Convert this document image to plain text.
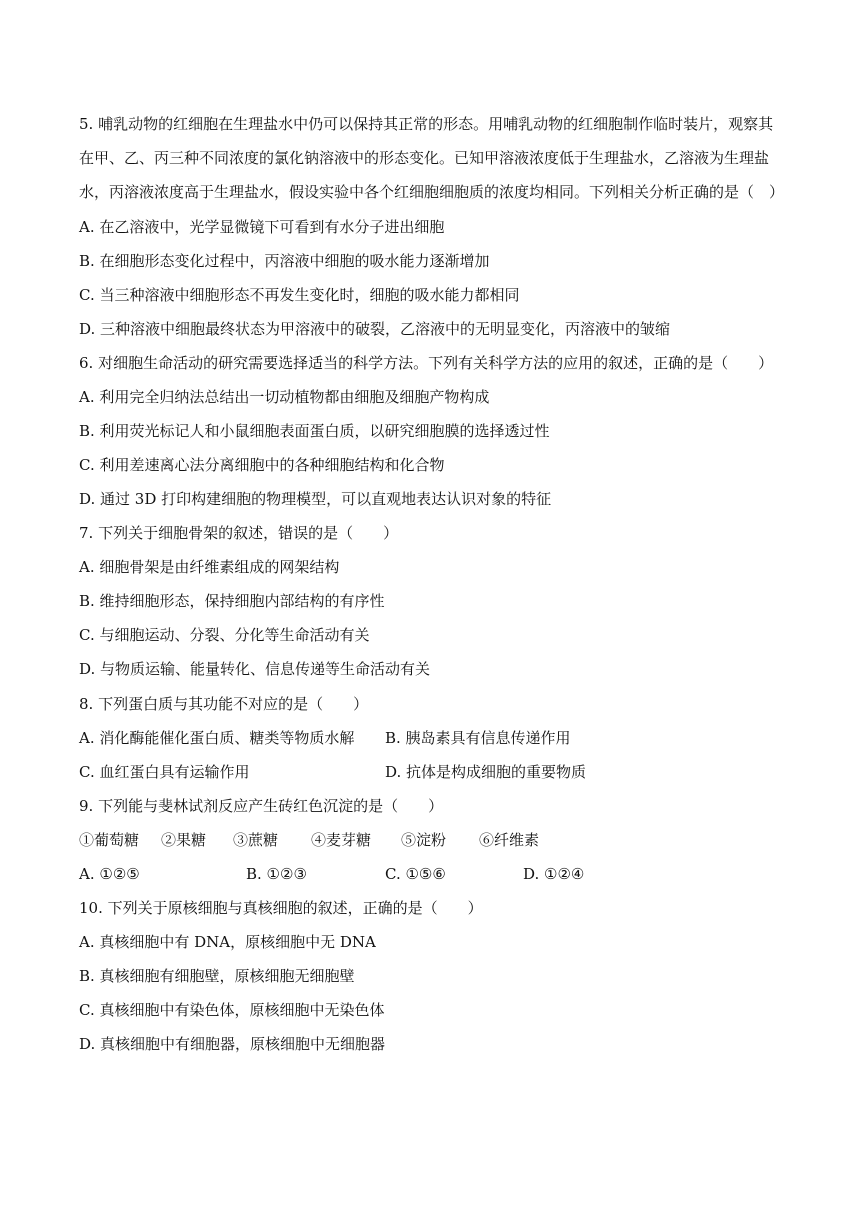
5. 哺乳动物的红细胞在生理盐水中仍可以保持其正常的形态。用哺乳动物的红细胞制作临时装片，观察其
在甲、乙、丙三种不同浓度的氯化钠溶液中的形态变化。已知甲溶液浓度低于生理盐水，乙溶液为生理盐
水，丙溶液浓度高于生理盐水，假设实验中各个红细胞细胞质的浓度均相同。下列相关分析正确的是（　）
A. 在乙溶液中，光学显微镜下可看到有水分子进出细胞
B. 在细胞形态变化过程中，丙溶液中细胞的吸水能力逐渐增加
C. 当三种溶液中细胞形态不再发生变化时，细胞的吸水能力都相同
D. 三种溶液中细胞最终状态为甲溶液中的破裂，乙溶液中的无明显变化，丙溶液中的皱缩
6. 对细胞生命活动的研究需要选择适当的科学方法。下列有关科学方法的应用的叙述，正确的是（　　）
A. 利用完全归纳法总结出一切动植物都由细胞及细胞产物构成
B. 利用荧光标记人和小鼠细胞表面蛋白质，以研究细胞膜的选择透过性
C. 利用差速离心法分离细胞中的各种细胞结构和化合物
D. 通过 3D 打印构建细胞的物理模型，可以直观地表达认识对象的特征
7. 下列关于细胞骨架的叙述，错误的是（　　）
A. 细胞骨架是由纤维素组成的网架结构
B. 维持细胞形态，保持细胞内部结构的有序性
C. 与细胞运动、分裂、分化等生命活动有关
D. 与物质运输、能量转化、信息传递等生命活动有关
8. 下列蛋白质与其功能不对应的是（　　）
A. 消化酶能催化蛋白质、糖类等物质水解 B. 胰岛素具有信息传递作用
C. 血红蛋白具有运输作用	D. 抗体是构成细胞的重要物质
9. 下列能与斐林试剂反应产生砖红色沉淀的是（　　）
①葡萄糖 ②果糖 ③蔗糖 ④麦芽糖 ⑤淀粉 ⑥纤维素
A. ①②⑤	B. ①②③	C. ①⑤⑥	D. ①②④
10. 下列关于原核细胞与真核细胞的叙述，正确的是（　　）
A. 真核细胞中有 DNA，原核细胞中无 DNA
B. 真核细胞有细胞壁，原核细胞无细胞壁
C. 真核细胞中有染色体，原核细胞中无染色体
D. 真核细胞中有细胞器，原核细胞中无细胞器
